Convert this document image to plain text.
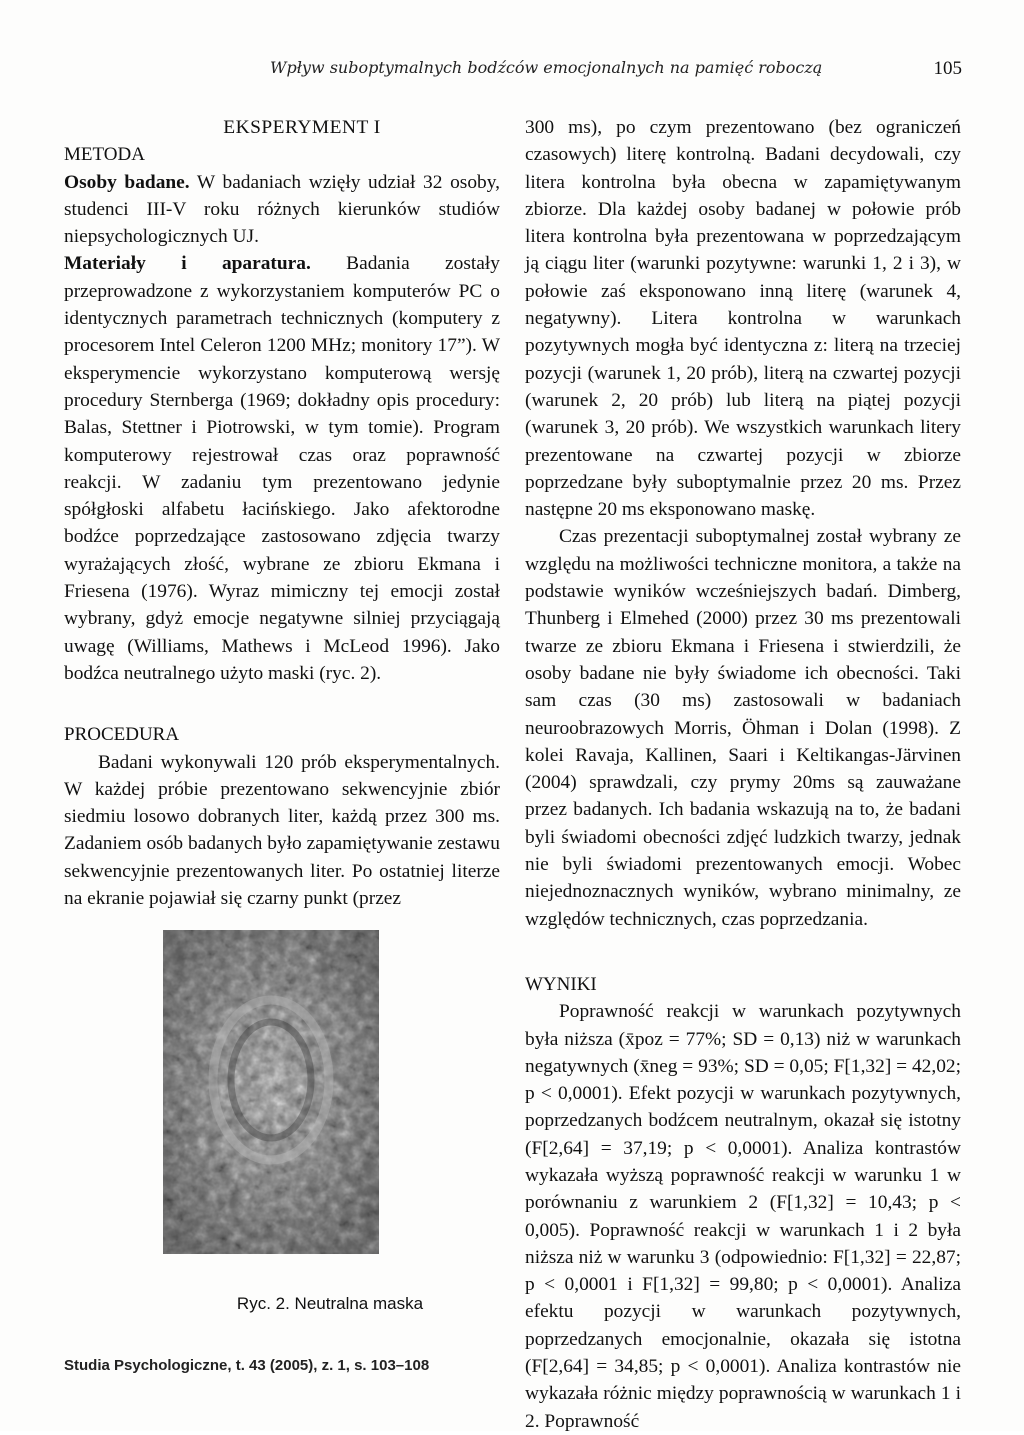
Wpływ suboptymalnych bodźców emocjonalnych na pamięć roboczą	105

EKSPERYMENT I

METODA

Osoby badane. W badaniach wzięły udział 32 osoby, studenci III-V roku różnych kierunków studiów niepsychologicznych UJ.

Materiały i aparatura. Badania zostały przeprowadzone z wykorzystaniem komputerów PC o identycznych parametrach technicznych (komputery z procesorem Intel Celeron 1200 MHz; monitory 17”). W eksperymencie wykorzystano komputerową wersję procedury Sternberga (1969; dokładny opis procedury: Balas, Stettner i Piotrowski, w tym tomie). Program komputerowy rejestrował czas oraz poprawność reakcji. W zadaniu tym prezentowano jedynie spółgłoski alfabetu łacińskiego. Jako afektorodne bodźce poprzedzające zastosowano zdjęcia twarzy wyrażających złość, wybrane ze zbioru Ekmana i Friesena (1976). Wyraz mimiczny tej emocji został wybrany, gdyż emocje negatywne silniej przyciągają uwagę (Williams, Mathews i McLeod 1996). Jako bodźca neutralnego użyto maski (ryc. 2).

PROCEDURA

Badani wykonywali 120 prób eksperymentalnych. W każdej próbie prezentowano sekwencyjnie zbiór siedmiu losowo dobranych liter, każdą przez 300 ms. Zadaniem osób badanych było zapamiętywanie zestawu sekwencyjnie prezentowanych liter. Po ostatniej literze na ekranie pojawiał się czarny punkt (przez

300 ms), po czym prezentowano (bez ograniczeń czasowych) literę kontrolną. Badani decydowali, czy litera kontrolna była obecna w zapamiętywanym zbiorze. Dla każdej osoby badanej w połowie prób litera kontrolna była prezentowana w poprzedzającym ją ciągu liter (warunki pozytywne: warunki 1, 2 i 3), w połowie zaś eksponowano inną literę (warunek 4, negatywny). Litera kontrolna w warunkach pozytywnych mogła być identyczna z: literą na trzeciej pozycji (warunek 1, 20 prób), literą na czwartej pozycji (warunek 2, 20 prób) lub literą na piątej pozycji (warunek 3, 20 prób). We wszystkich warunkach litery prezentowane na czwartej pozycji w zbiorze poprzedzane były suboptymalnie przez 20 ms. Przez następne 20 ms eksponowano maskę.

Czas prezentacji suboptymalnej został wybrany ze względu na możliwości techniczne monitora, a także na podstawie wyników wcześniejszych badań. Dimberg, Thunberg i Elmehed (2000) przez 30 ms prezentowali twarze ze zbioru Ekmana i Friesena i stwierdzili, że osoby badane nie były świadome ich obecności. Taki sam czas (30 ms) zastosowali w badaniach neuroobrazowych Morris, Öhman i Dolan (1998). Z kolei Ravaja, Kallinen, Saari i Keltikangas-Järvinen (2004) sprawdzali, czy prymy 20ms są zauważane przez badanych. Ich badania wskazują na to, że badani byli świadomi obecności zdjęć ludzkich twarzy, jednak nie byli świadomi prezentowanych emocji. Wobec niejednoznacznych wyników, wybrano minimalny, ze względów technicznych, czas poprzedzania.

WYNIKI

Poprawność reakcji w warunkach pozytywnych była niższa (x̄poz = 77%; SD = 0,13) niż w warunkach negatywnych (x̄neg = 93%; SD = 0,05; F[1,32] = 42,02; p < 0,0001). Efekt pozycji w warunkach pozytywnych, poprzedzanych bodźcem neutralnym, okazał się istotny (F[2,64] = 37,19; p < 0,0001). Analiza kontrastów wykazała wyższą poprawność reakcji w warunku 1 w porównaniu z warunkiem 2 (F[1,32] = 10,43; p < 0,005). Poprawność reakcji w warunkach 1 i 2 była niższa niż w warunku 3 (odpowiednio: F[1,32] = 22,87; p < 0,0001 i F[1,32] = 99,80; p < 0,0001). Analiza efektu pozycji w warunkach pozytywnych, poprzedzanych emocjonalnie, okazała się istotna (F[2,64] = 34,85; p < 0,0001). Analiza kontrastów nie wykazała różnic między poprawnością w warunkach 1 i 2. Poprawność

Ryc. 2. Neutralna maska
Studia Psychologiczne, t. 43 (2005), z. 1, s. 103–108
